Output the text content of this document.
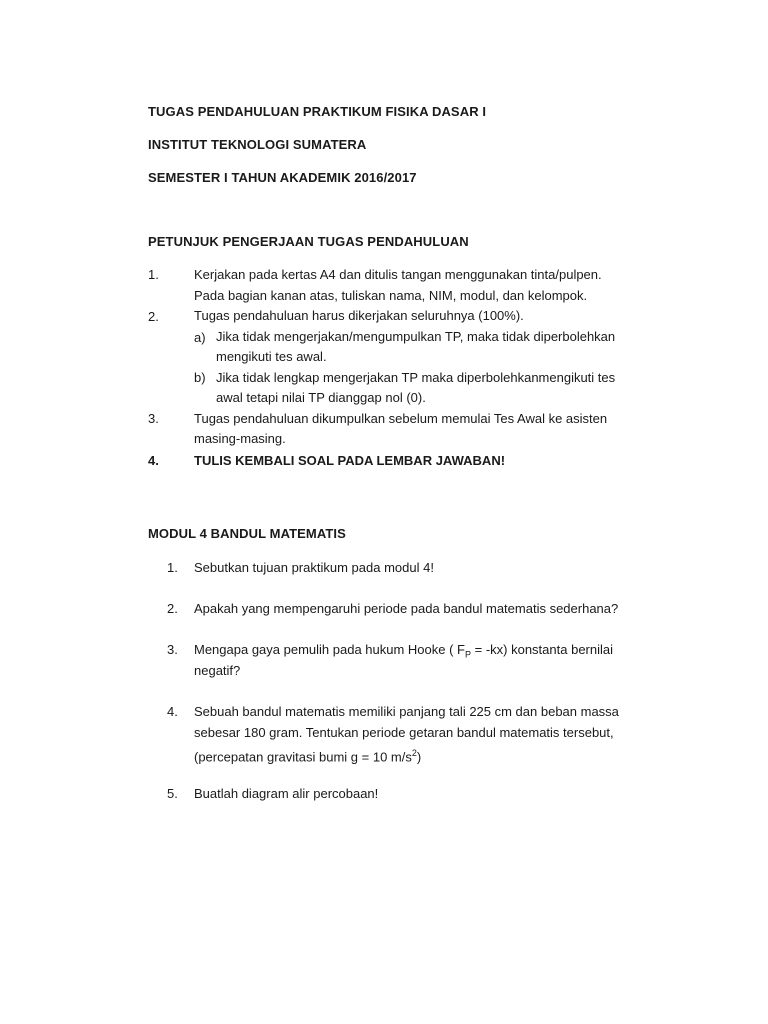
TUGAS PENDAHULUAN PRAKTIKUM FISIKA DASAR I
INSTITUT TEKNOLOGI SUMATERA
SEMESTER I TAHUN AKADEMIK 2016/2017
PETUNJUK PENGERJAAN TUGAS PENDAHULUAN
1.	Kerjakan pada kertas A4 dan ditulis tangan menggunakan tinta/pulpen.
Pada bagian kanan atas, tuliskan nama, NIM, modul, dan kelompok.
2.	Tugas pendahuluan harus dikerjakan seluruhnya (100%).
a) Jika tidak mengerjakan/mengumpulkan TP, maka tidak diperbolehkan
mengikuti tes awal.
b) Jika tidak lengkap mengerjakan TP maka diperbolehkanmengikuti tes
awal tetapi nilai TP dianggap nol (0).
3.	Tugas pendahuluan dikumpulkan sebelum memulai Tes Awal ke asisten
masing-masing.
4.	TULIS KEMBALI SOAL PADA LEMBAR JAWABAN!
MODUL 4 BANDUL MATEMATIS
1. Sebutkan tujuan praktikum pada modul 4!
2. Apakah yang mempengaruhi periode pada bandul matematis sederhana?
3. Mengapa gaya pemulih pada hukum Hooke ( $F_P = -kx$) konstanta bernilai
negatif?
4. Sebuah bandul matematis memiliki panjang tali 225 cm dan beban massa
sebesar 180 gram. Tentukan periode getaran bandul matematis tersebut,
(percepatan gravitasi bumi g = 10 $m/s^2$)
5. Buatlah diagram alir percobaan!
